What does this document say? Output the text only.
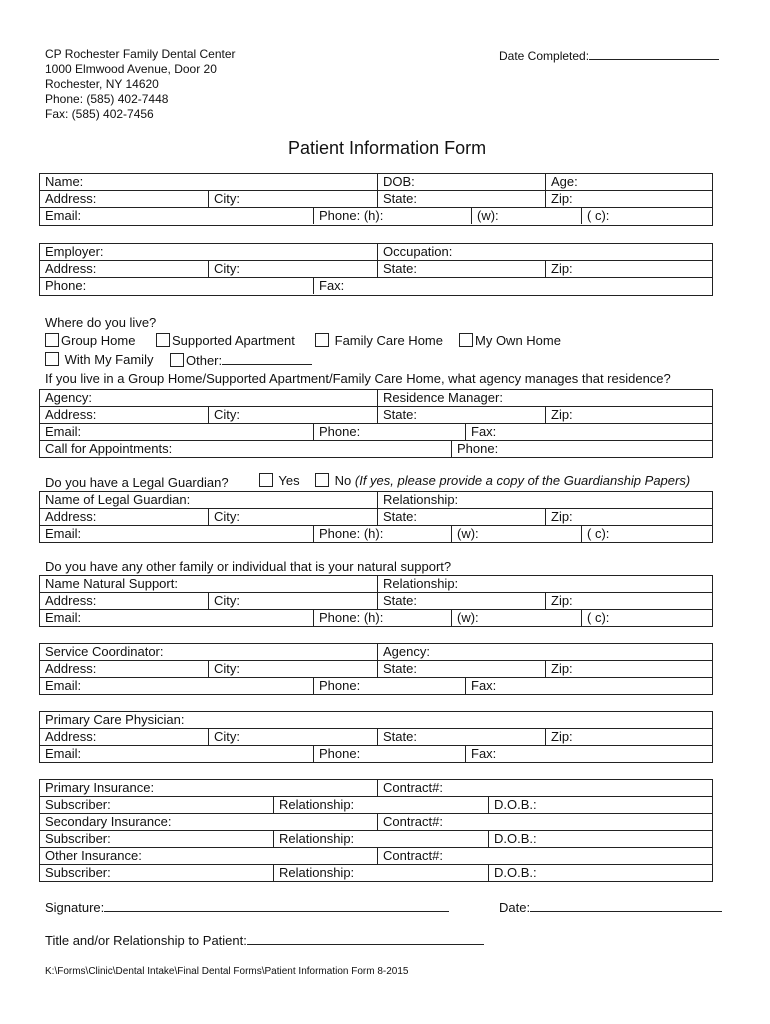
CP Rochester Family Dental Center
1000 Elmwood Avenue, Door 20
Rochester, NY 14620
Phone: (585) 402-7448
Fax: (585) 402-7456
Date Completed:
Patient Information Form
Name:	DOB:	Age:
Address:	City:	State:	Zip:
Email:	Phone: (h):	(w):	( c):
Employer:	Occupation:
Address:	City:	State:	Zip:
Phone:	Fax:
Where do you live?
Group Home	Supported Apartment	Family Care Home	My Own Home
With My Family	Other:
If you live in a Group Home/Supported Apartment/Family Care Home, what agency manages that residence?
Agency:	Residence Manager:
Address:	City:	State:	Zip:
Email:	Phone:	Fax:
Call for Appointments:	Phone:
Do you have a Legal Guardian?	Yes	No (If yes, please provide a copy of the Guardianship Papers)
Name of Legal Guardian:	Relationship:
Address:	City:	State:	Zip:
Email:	Phone: (h):	(w):	( c):
Do you have any other family or individual that is your natural support?
Name Natural Support:	Relationship:
Address:	City:	State:	Zip:
Email:	Phone: (h):	(w):	( c):
Service Coordinator:	Agency:
Address:	City:	State:	Zip:
Email:	Phone:	Fax:
Primary Care Physician:
Address:	City:	State:	Zip:
Email:	Phone:	Fax:
Primary Insurance:	Contract#:
Subscriber:	Relationship:	D.O.B.:
Secondary Insurance:	Contract#:
Subscriber:	Relationship:	D.O.B.:
Other Insurance:	Contract#:
Subscriber:	Relationship:	D.O.B.:
Signature:	Date:
Title and/or Relationship to Patient:
K:\Forms\Clinic\Dental Intake\Final Dental Forms\Patient Information Form 8-2015
